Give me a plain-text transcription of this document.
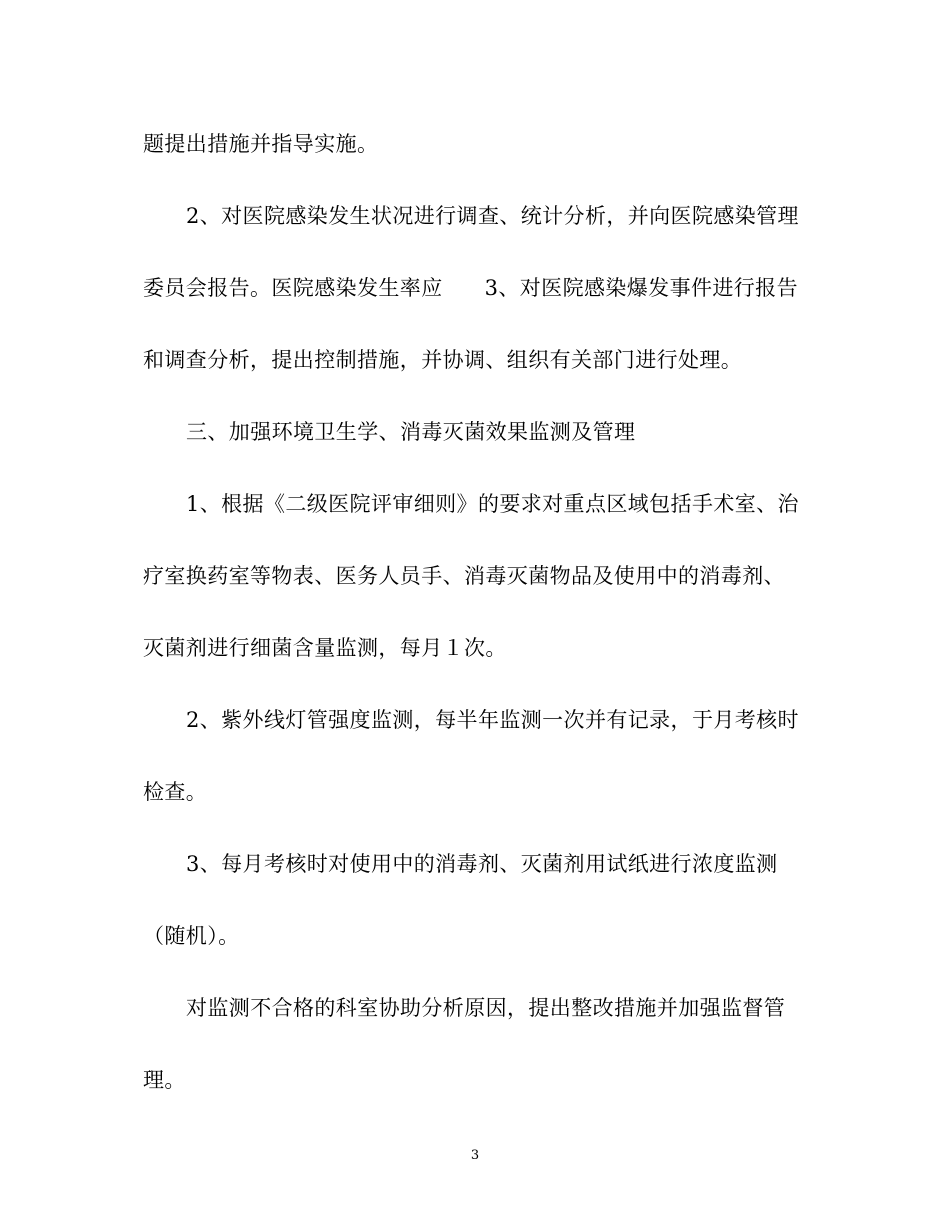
题提出措施并指导实施。
2、对医院感染发生状况进行调查、统计分析，并向医院感染管理
委员会报告。医院感染发生率应 3、对医院感染爆发事件进行报告
和调查分析，提出控制措施，并协调、组织有关部门进行处理。
三、加强环境卫生学、消毒灭菌效果监测及管理
1、根据《二级医院评审细则》的要求对重点区域包括手术室、治
疗室换药室等物表、医务人员手、消毒灭菌物品及使用中的消毒剂、
灭菌剂进行细菌含量监测，每月１次。
2、紫外线灯管强度监测，每半年监测一次并有记录，于月考核时
检查。
3、每月考核时对使用中的消毒剂、灭菌剂用试纸进行浓度监测
（随机）。
对监测不合格的科室协助分析原因，提出整改措施并加强监督管
理。
3
